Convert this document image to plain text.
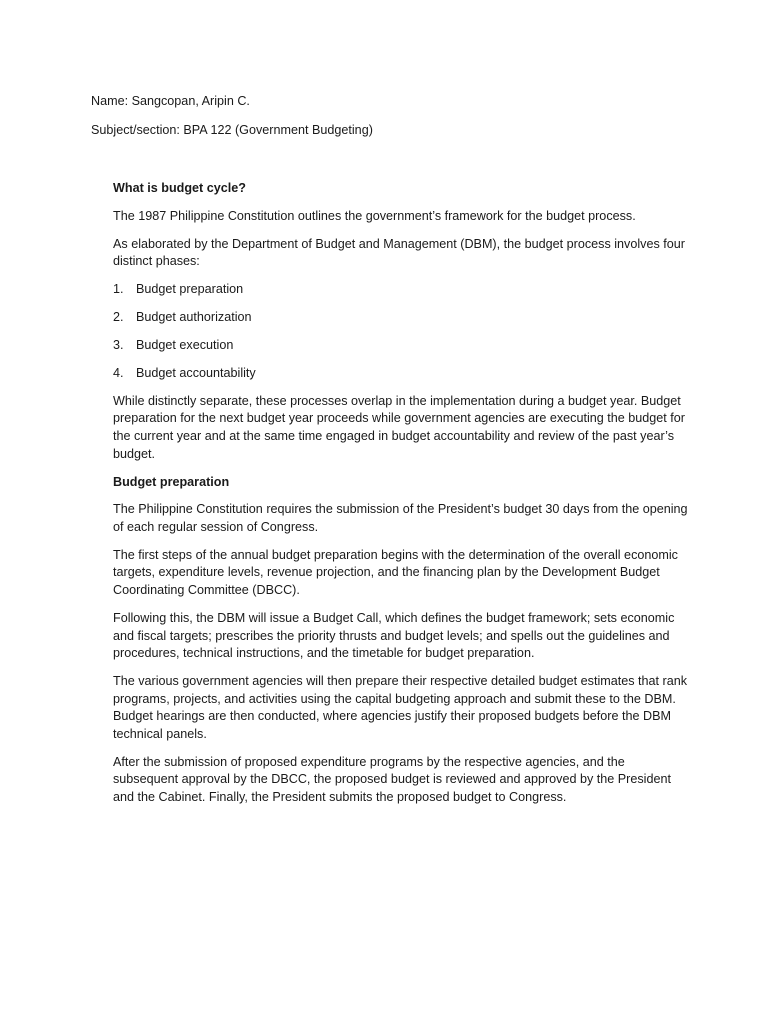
Name: Sangcopan, Aripin C.

Subject/section: BPA 122 (Government Budgeting)

What is budget cycle?

The 1987 Philippine Constitution outlines the government’s framework for the budget process.

As elaborated by the Department of Budget and Management (DBM), the budget process involves four distinct phases:

1. Budget preparation
2. Budget authorization
3. Budget execution
4. Budget accountability

While distinctly separate, these processes overlap in the implementation during a budget year. Budget preparation for the next budget year proceeds while government agencies are executing the budget for the current year and at the same time engaged in budget accountability and review of the past year’s budget.

Budget preparation

The Philippine Constitution requires the submission of the President’s budget 30 days from the opening of each regular session of Congress.

The first steps of the annual budget preparation begins with the determination of the overall economic targets, expenditure levels, revenue projection, and the financing plan by the Development Budget Coordinating Committee (DBCC).

Following this, the DBM will issue a Budget Call, which defines the budget framework; sets economic and fiscal targets; prescribes the priority thrusts and budget levels; and spells out the guidelines and procedures, technical instructions, and the timetable for budget preparation.

The various government agencies will then prepare their respective detailed budget estimates that rank programs, projects, and activities using the capital budgeting approach and submit these to the DBM. Budget hearings are then conducted, where agencies justify their proposed budgets before the DBM technical panels.

After the submission of proposed expenditure programs by the respective agencies, and the subsequent approval by the DBCC, the proposed budget is reviewed and approved by the President and the Cabinet. Finally, the President submits the proposed budget to Congress.
